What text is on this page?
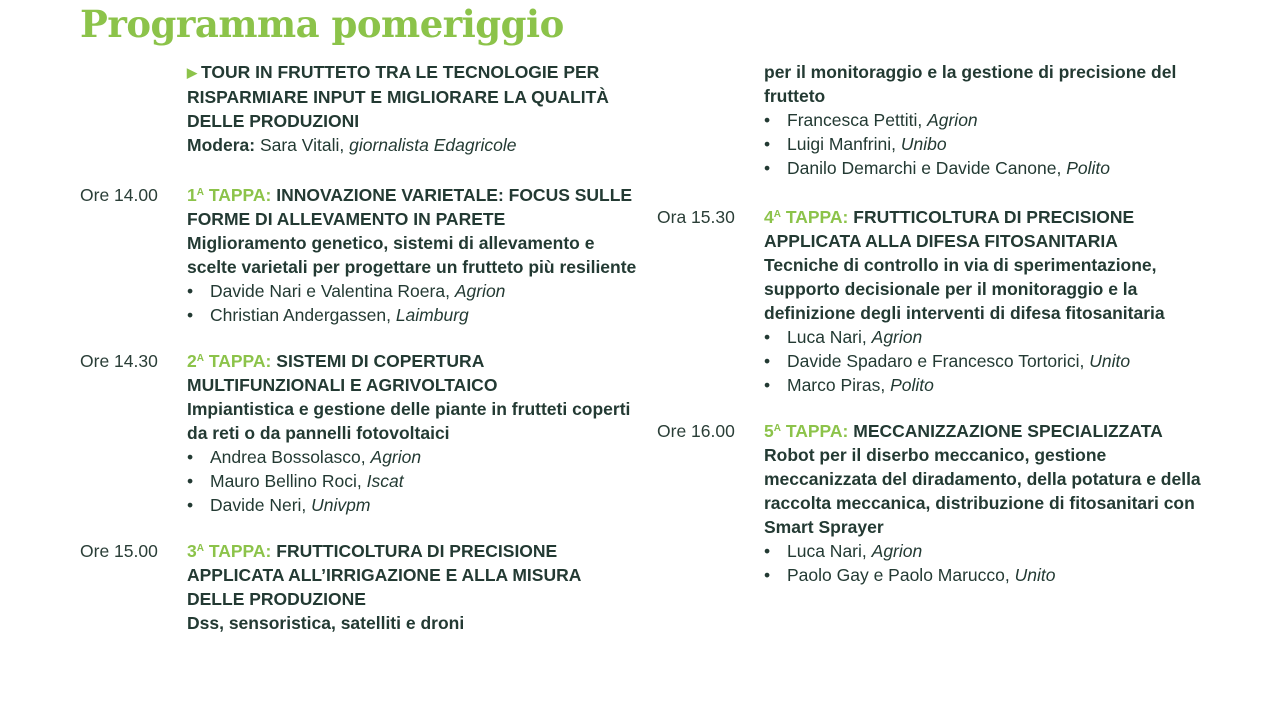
Programma pomeriggio
▶ TOUR IN FRUTTETO TRA LE TECNOLOGIE PER RISPARMIARE INPUT E MIGLIORARE LA QUALITÀ DELLE PRODUZIONI
Modera: Sara Vitali, giornalista Edagricole
Ore 14.00	$1^A$ TAPPA: INNOVAZIONE VARIETALE: FOCUS SULLE FORME DI ALLEVAMENTO IN PARETE
Miglioramento genetico, sistemi di allevamento e scelte varietali per progettare un frutteto più resiliente
• Davide Nari e Valentina Roera, Agrion
• Christian Andergassen, Laimburg
Ore 14.30	$2^A$ TAPPA: SISTEMI DI COPERTURA MULTIFUNZIONALI E AGRIVOLTAICO
Impiantistica e gestione delle piante in frutteti coperti da reti o da pannelli fotovoltaici
• Andrea Bossolasco, Agrion
• Mauro Bellino Roci, Iscat
• Davide Neri, Univpm
Ore 15.00	$3^A$ TAPPA: FRUTTICOLTURA DI PRECISIONE APPLICATA ALL’IRRIGAZIONE E ALLA MISURA DELLE PRODUZIONE
Dss, sensoristica, satelliti e droni
per il monitoraggio e la gestione di precisione del frutteto
• Francesca Pettiti, Agrion
• Luigi Manfrini, Unibo
• Danilo Demarchi e Davide Canone, Polito
Ora 15.30	$4^A$ TAPPA: FRUTTICOLTURA DI PRECISIONE APPLICATA ALLA DIFESA FITOSANITARIA
Tecniche di controllo in via di sperimentazione, supporto decisionale per il monitoraggio e la definizione degli interventi di difesa fitosanitaria
• Luca Nari, Agrion
• Davide Spadaro e Francesco Tortorici, Unito
• Marco Piras, Polito
Ore 16.00	$5^A$ TAPPA: MECCANIZZAZIONE SPECIALIZZATA
Robot per il diserbo meccanico, gestione meccanizzata del diradamento, della potatura e della raccolta meccanica, distribuzione di fitosanitari con Smart Sprayer
• Luca Nari, Agrion
• Paolo Gay e Paolo Marucco, Unito
